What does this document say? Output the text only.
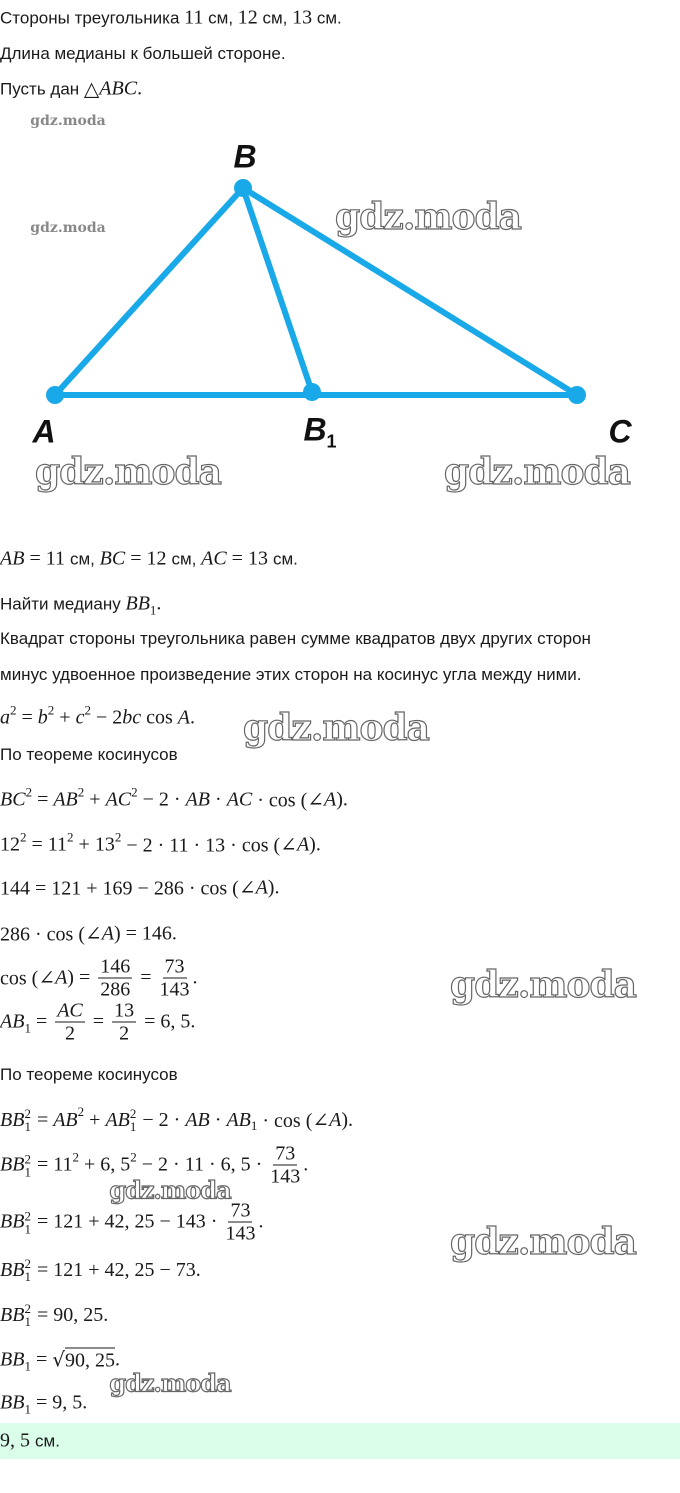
B
A	$B_1$	C
gdz.moda
gdz.moda	gdz.moda
gdz.moda	gdz.moda
gdz.moda
gdz.moda
gdz.moda
gdz.moda
gdz.moda
Стороны треугольника 11 см, 12 см, 13 см.
Длина медианы к большей стороне.
Пусть дан △ ABC .
AB = 11 см, BC = 12 см, AC = 13 см.
Найти медиану BB 1 .
Квадрат стороны треугольника равен сумме квадратов двух других сторон
минус удвоенное произведение этих сторон на косинус угла между ними.
a 2 = b 2 + c 2 − 2 bc cos A .
По теореме косинусов
BC 2 = AB 2 + AC 2 − 2 · AB · AC · cos (∠ A ).
12 2 = 11 2 + 13 2 − 2 · 11 · 13 · cos (∠ A ).
144 = 121 + 169 − 286 · cos (∠ A ).
286 · cos (∠ A ) = 146.
cos (∠ A ) = $\frac{146}{286} = \frac{73}{143}$ .
AB $1 = \frac{AC}{2} = \frac{13}{2} = 6$, 5.
По теореме косинусов
BB 2
1 = AB 2 + AB 2
1 − 2 · AB · AB 1 · cos (∠ A ).
BB 2
1 = 11 2 + 6, 5 2 − 2 · 11 · 6, $5 \cdot \frac{73}{143}$ .
BB 2
1 = 121 + 42, $25 - 143 \cdot \frac{73}{143}$ .
BB 2
1 = 121 + 42, 25 − 73.
BB 2
1 = 90, 25.
BB 1 = √90, 25 .
BB 1 = 9, 5.
9, 5 см.
